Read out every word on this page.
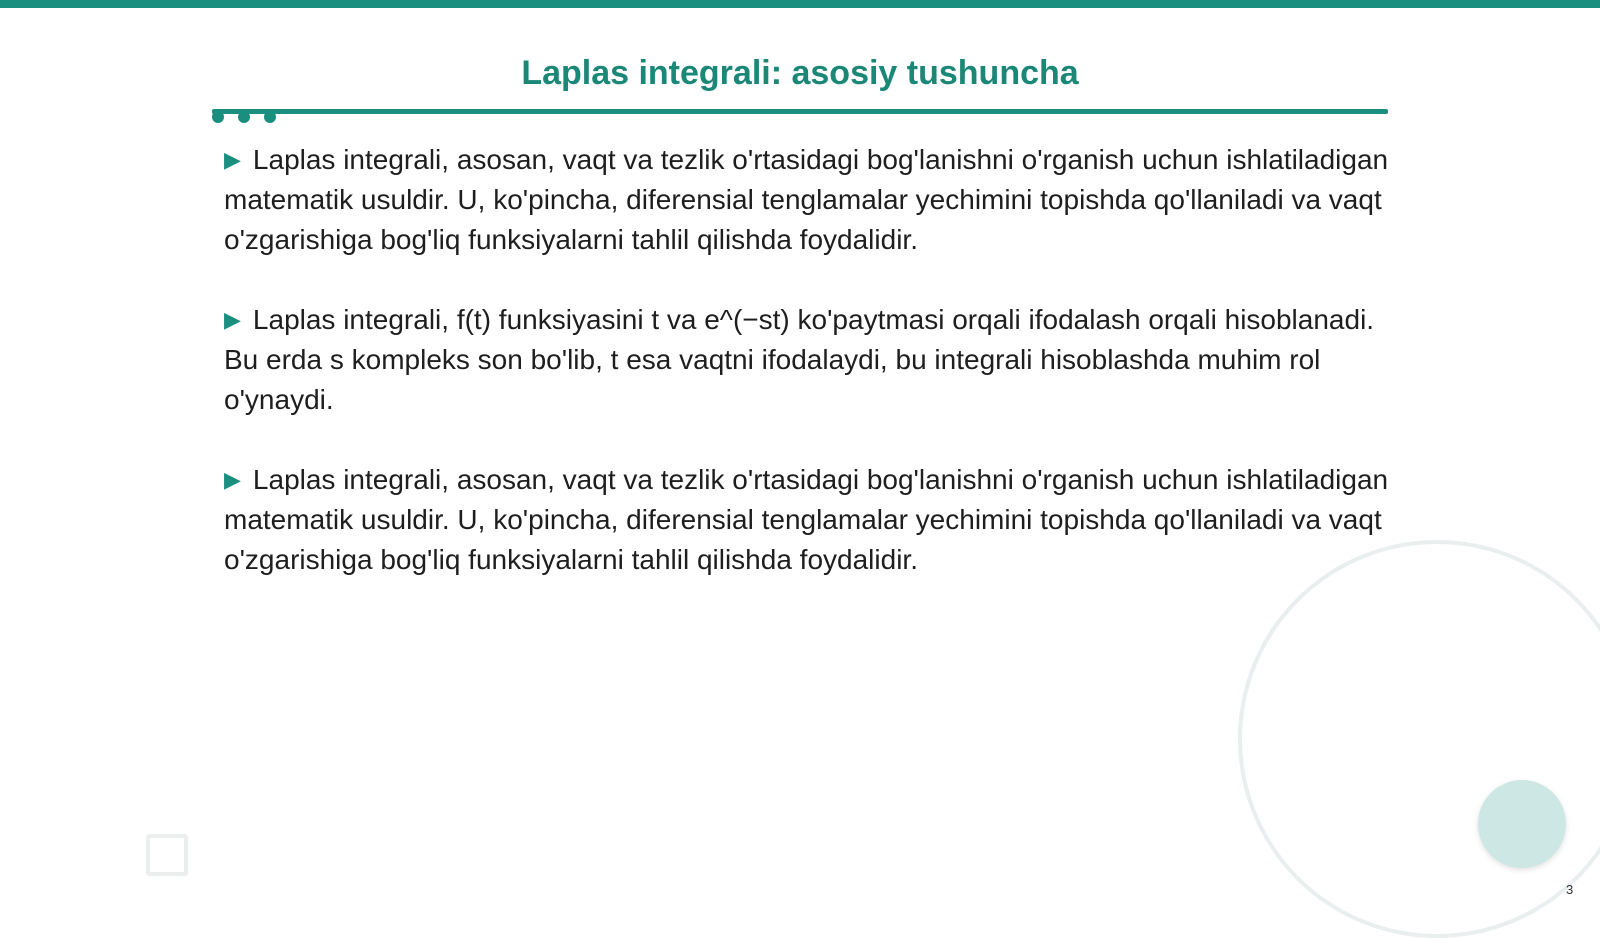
Laplas integrali: asosiy tushuncha

▶ Laplas integrali, asosan, vaqt va tezlik o'rtasidagi bog'lanishni o'rganish uchun ishlatiladigan matematik usuldir. U, ko'pincha, diferensial tenglamalar yechimini topishda qo'llaniladi va vaqt o'zgarishiga bog'liq funksiyalarni tahlil qilishda foydalidir.

▶ Laplas integrali, f(t) funksiyasini t va e^(−st) ko'paytmasi orqali ifodalash orqali hisoblanadi. Bu erda s kompleks son bo'lib, t esa vaqtni ifodalaydi, bu integrali hisoblashda muhim rol o'ynaydi.

▶ Laplas integrali, asosan, vaqt va tezlik o'rtasidagi bog'lanishni o'rganish uchun ishlatiladigan matematik usuldir. U, ko'pincha, diferensial tenglamalar yechimini topishda qo'llaniladi va vaqt o'zgarishiga bog'liq funksiyalarni tahlil qilishda foydalidir.

3
